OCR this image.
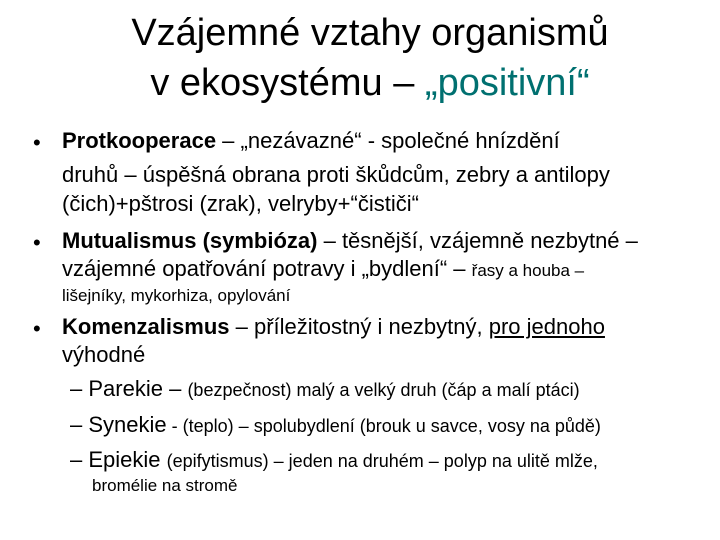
Vzájemné vztahy organismů
v ekosystému – „positivní“
• Protkooperace – „nezávazné“ - společné hnízdění
druhů – úspěšná obrana proti škůdcům, zebry a antilopy
(čich)+pštrosi (zrak), velryby+“čističi“
• Mutualismus (symbióza) – těsnější, vzájemně nezbytné –
vzájemné opatřování potravy i „bydlení“ – řasy a houba –
lišejníky, mykorhiza, opylování
• Komenzalismus – příležitostný i nezbytný, pro jednoho
výhodné
– Parekie – (bezpečnost) malý a velký druh (čáp a malí ptáci)
– Synekie - (teplo) – spolubydlení (brouk u savce, vosy na půdě)
– Epiekie (epifytismus) – jeden na druhém – polyp na ulitě mlže,
bromélie na stromě
